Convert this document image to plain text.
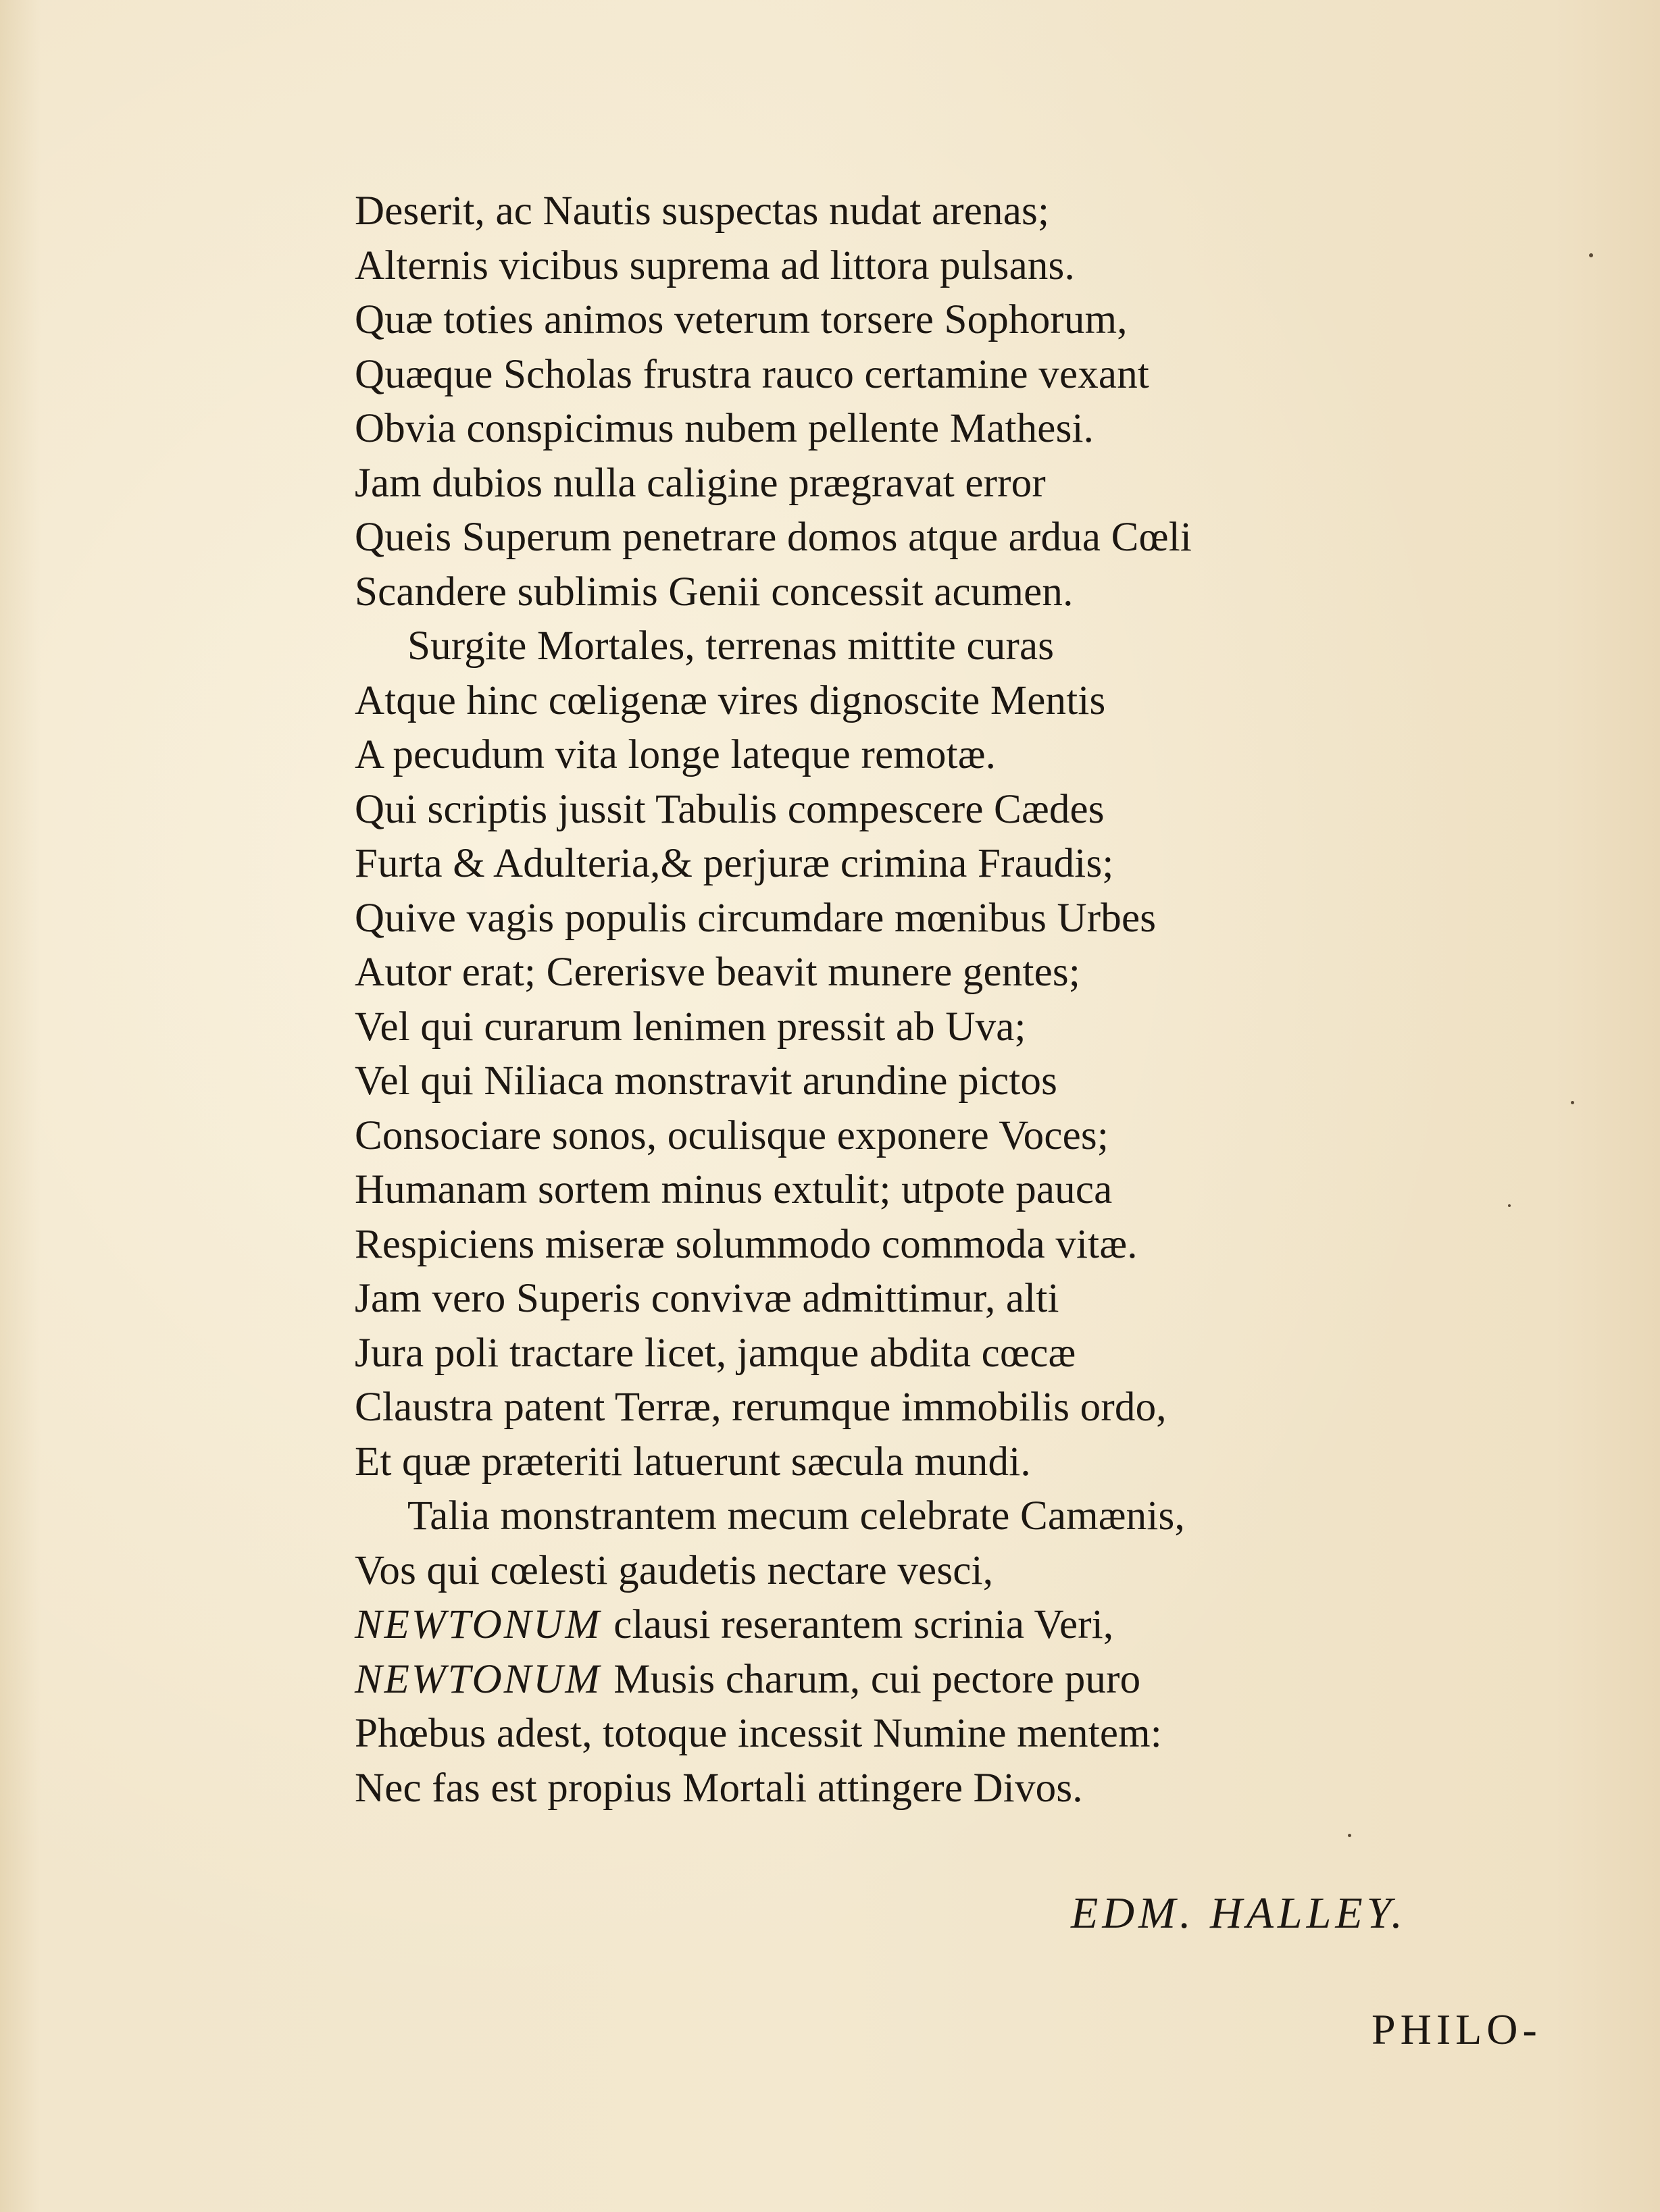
Deserit, ac Nautis suspectas nudat arenas;
Alternis vicibus suprema ad littora pulsans.
Quæ toties animos veterum torsere Sophorum,
Quæque Scholas frustra rauco certamine vexant
Obvia conspicimus nubem pellente Mathesi.
Jam dubios nulla caligine prægravat error
Queis Superum penetrare domos atque ardua Cœli
Scandere sublimis Genii concessit acumen.
Surgite Mortales, terrenas mittite curas
Atque hinc cœligenæ vires dignoscite Mentis
A pecudum vita longe lateque remotæ.
Qui scriptis jussit Tabulis compescere Cædes
Furta & Adulteria,& perjuræ crimina Fraudis;
Quive vagis populis circumdare mœnibus Urbes
Autor erat; Cererisve beavit munere gentes;
Vel qui curarum lenimen pressit ab Uva;
Vel qui Niliaca monstravit arundine pictos
Consociare sonos, oculisque exponere Voces;
Humanam sortem minus extulit; utpote pauca
Respiciens miseræ solummodo commoda vitæ.
Jam vero Superis convivæ admittimur, alti
Jura poli tractare licet, jamque abdita cœcæ
Claustra patent Terræ, rerumque immobilis ordo,
Et quæ præteriti latuerunt sæcula mundi.
Talia monstrantem mecum celebrate Camænis,
Vos qui cœlesti gaudetis nectare vesci,
NEWTONUM clausi reserantem scrinia Veri,
NEWTONUM Musis charum, cui pectore puro
Phœbus adest, totoque incessit Numine mentem:
Nec fas est propius Mortali attingere Divos.
EDM. HALLEY.
PHILO-
